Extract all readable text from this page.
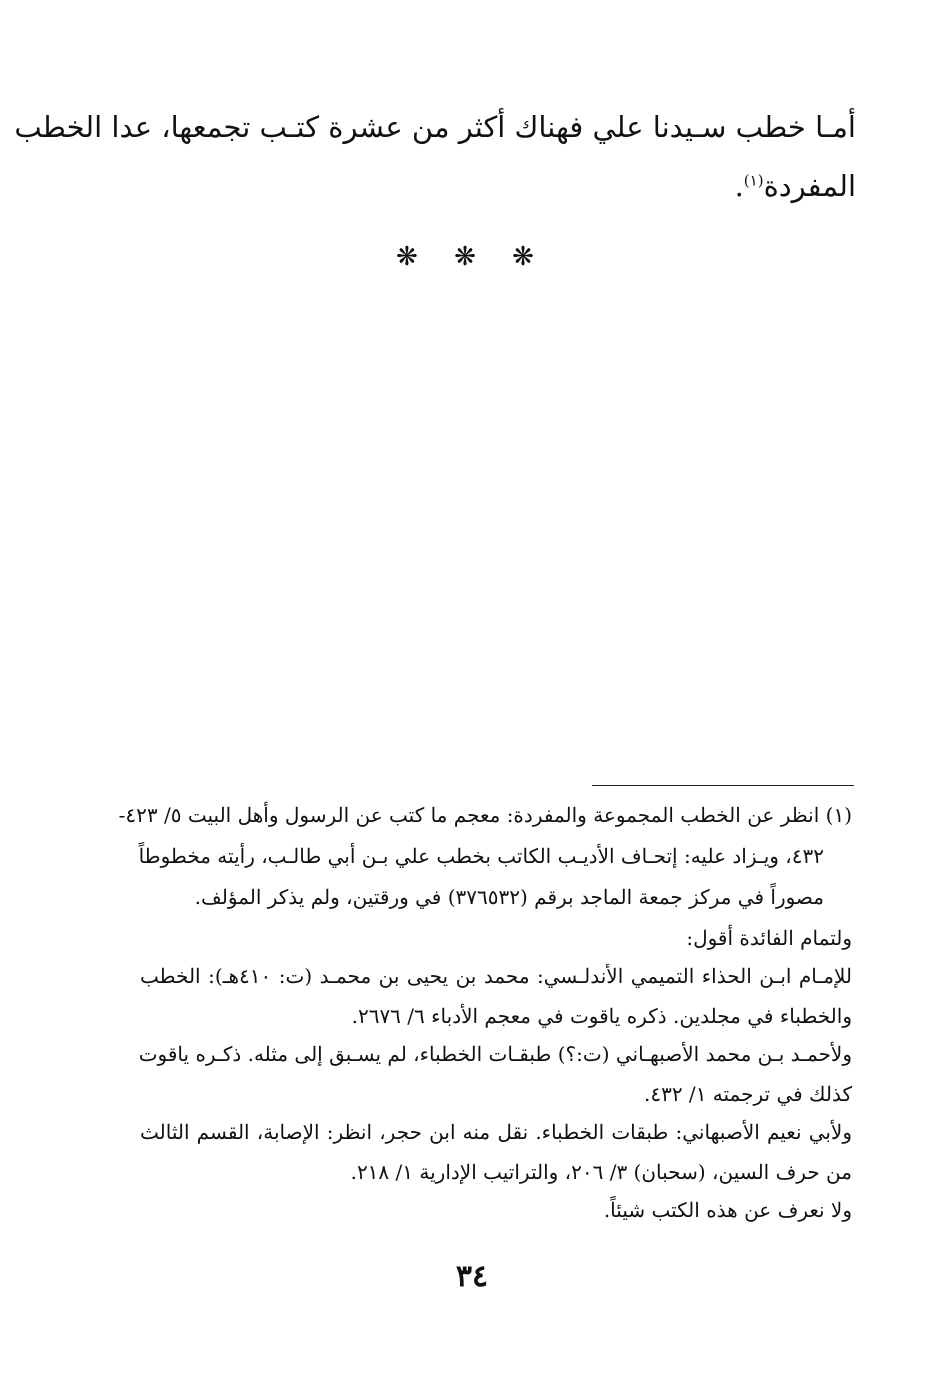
أمـا خطب سـيدنا علي فهناك أكثر من عشرة كتـب تجمعها، عدا الخطب
المفردة$^{(١)}$.
❋ ❋ ❋
(١) انظر عن الخطب المجموعة والمفردة: معجم ما كتب عن الرسول وأهل البيت ٥/ ٤٢٣-
٤٣٢، ويـزاد عليه: إتحـاف الأديـب الكاتب بخطب علي بـن أبي طالـب، رأيته مخطوطاً
مصوراً في مركز جمعة الماجد برقم (٣٧٦٥٣٢) في ورقتين، ولم يذكر المؤلف.
ولتمام الفائدة أقول:
للإمـام ابـن الحذاء التميمي الأندلـسي: محمد بن يحيى بن محمـد (ت: ٤١٠هـ): الخطب
والخطباء في مجلدين. ذكره ياقوت في معجم الأدباء ٦/ ٢٦٧٦.
ولأحمـد بـن محمد الأصبهـاني (ت:؟) طبقـات الخطباء، لم يسـبق إلى مثله. ذكـره ياقوت
كذلك في ترجمته ١/ ٤٣٢.
ولأبي نعيم الأصبهاني: طبقات الخطباء. نقل منه ابن حجر، انظر: الإصابة، القسم الثالث
من حرف السين، (سحبان) ٣/ ٢٠٦، والتراتيب الإدارية ١/ ٢١٨.
ولا نعرف عن هذه الكتب شيئاً.
٣٤
